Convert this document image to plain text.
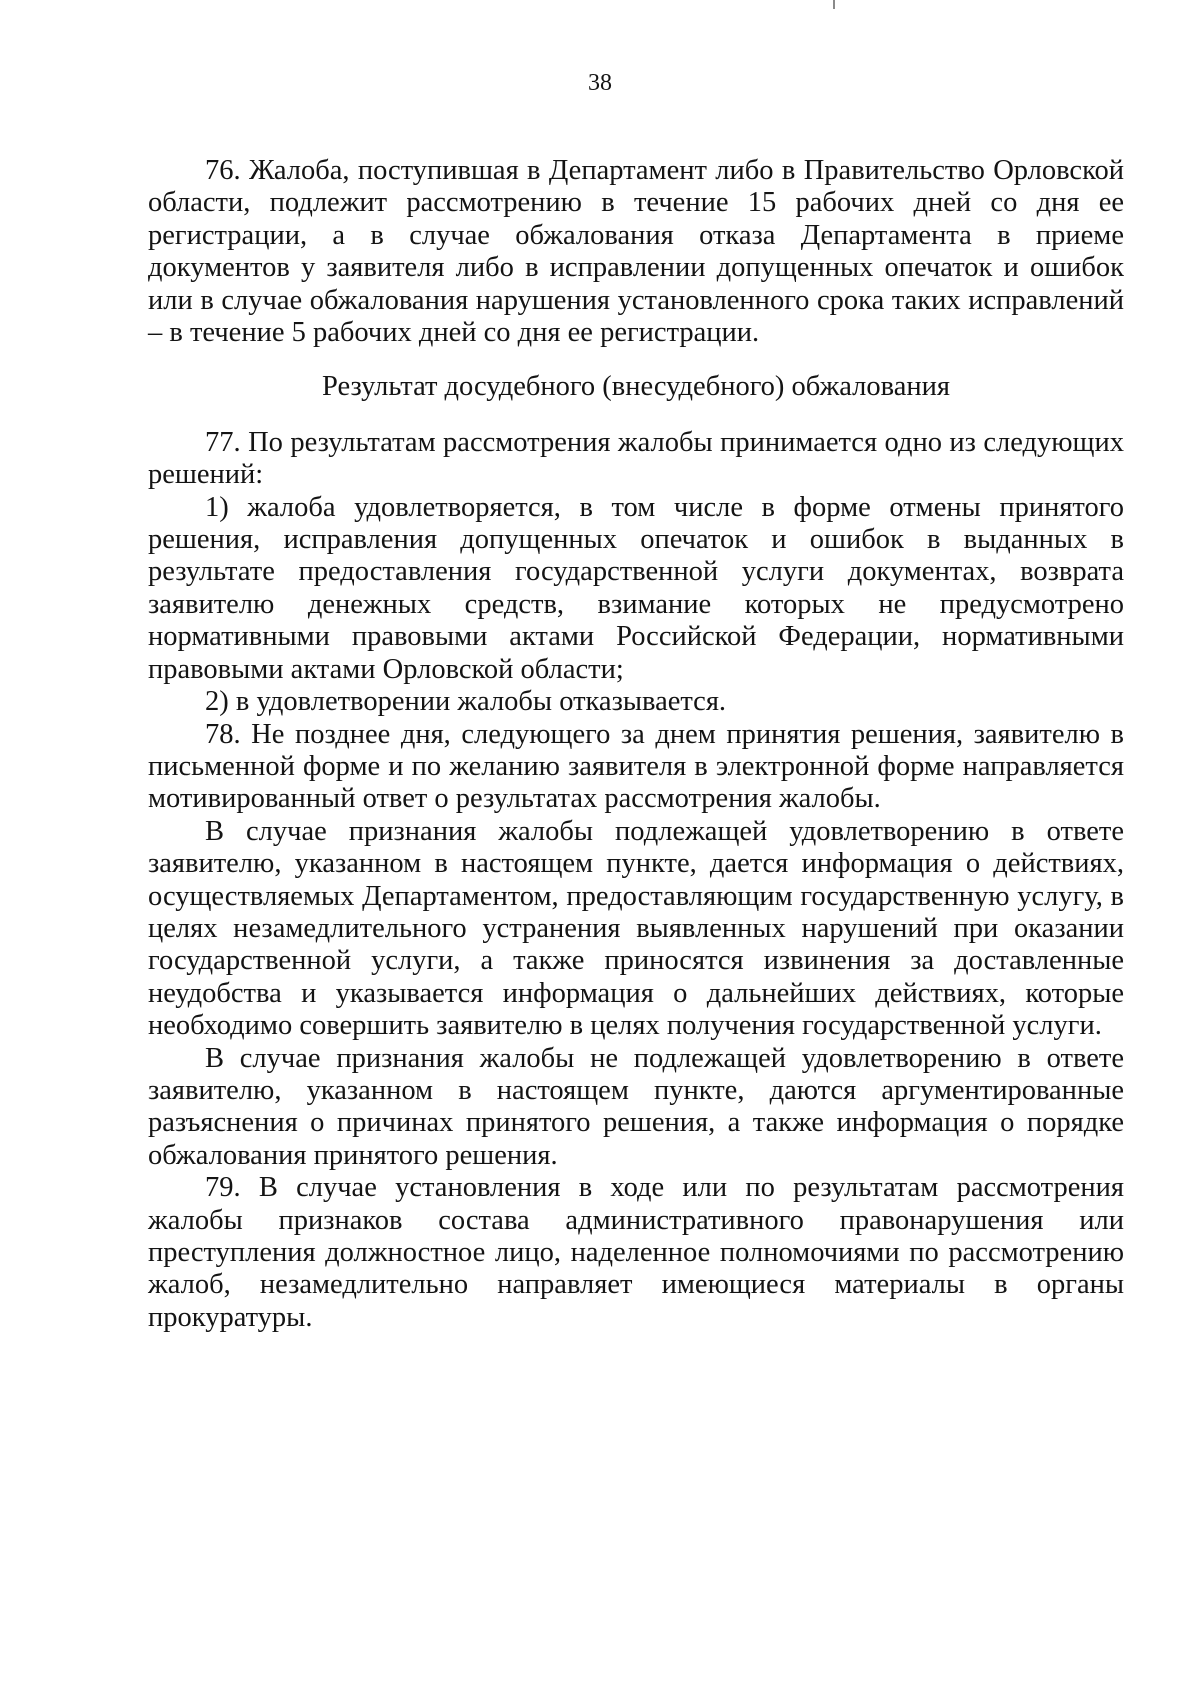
38

76. Жалоба, поступившая в Департамент либо в Правительство Орловской области, подлежит рассмотрению в течение 15 рабочих дней со дня ее регистрации, а в случае обжалования отказа Департамента в приеме документов у заявителя либо в исправлении допущенных опечаток и ошибок или в случае обжалования нарушения установленного срока таких исправлений – в течение 5 рабочих дней со дня ее регистрации.

Результат досудебного (внесудебного) обжалования

77. По результатам рассмотрения жалобы принимается одно из следующих решений:

1) жалоба удовлетворяется, в том числе в форме отмены принятого решения, исправления допущенных опечаток и ошибок в выданных в результате предоставления государственной услуги документах, возврата заявителю денежных средств, взимание которых не предусмотрено нормативными правовыми актами Российской Федерации, нормативными правовыми актами Орловской области;

2) в удовлетворении жалобы отказывается.

78. Не позднее дня, следующего за днем принятия решения, заявителю в письменной форме и по желанию заявителя в электронной форме направляется мотивированный ответ о результатах рассмотрения жалобы.

В случае признания жалобы подлежащей удовлетворению в ответе заявителю, указанном в настоящем пункте, дается информация о действиях, осуществляемых Департаментом, предоставляющим государственную услугу, в целях незамедлительного устранения выявленных нарушений при оказании государственной услуги, а также приносятся извинения за доставленные неудобства и указывается информация о дальнейших действиях, которые необходимо совершить заявителю в целях получения государственной услуги.

В случае признания жалобы не подлежащей удовлетворению в ответе заявителю, указанном в настоящем пункте, даются аргументированные разъяснения о причинах принятого решения, а также информация о порядке обжалования принятого решения.

79. В случае установления в ходе или по результатам рассмотрения жалобы признаков состава административного правонарушения или преступления должностное лицо, наделенное полномочиями по рассмотрению жалоб, незамедлительно направляет имеющиеся материалы в органы прокуратуры.
